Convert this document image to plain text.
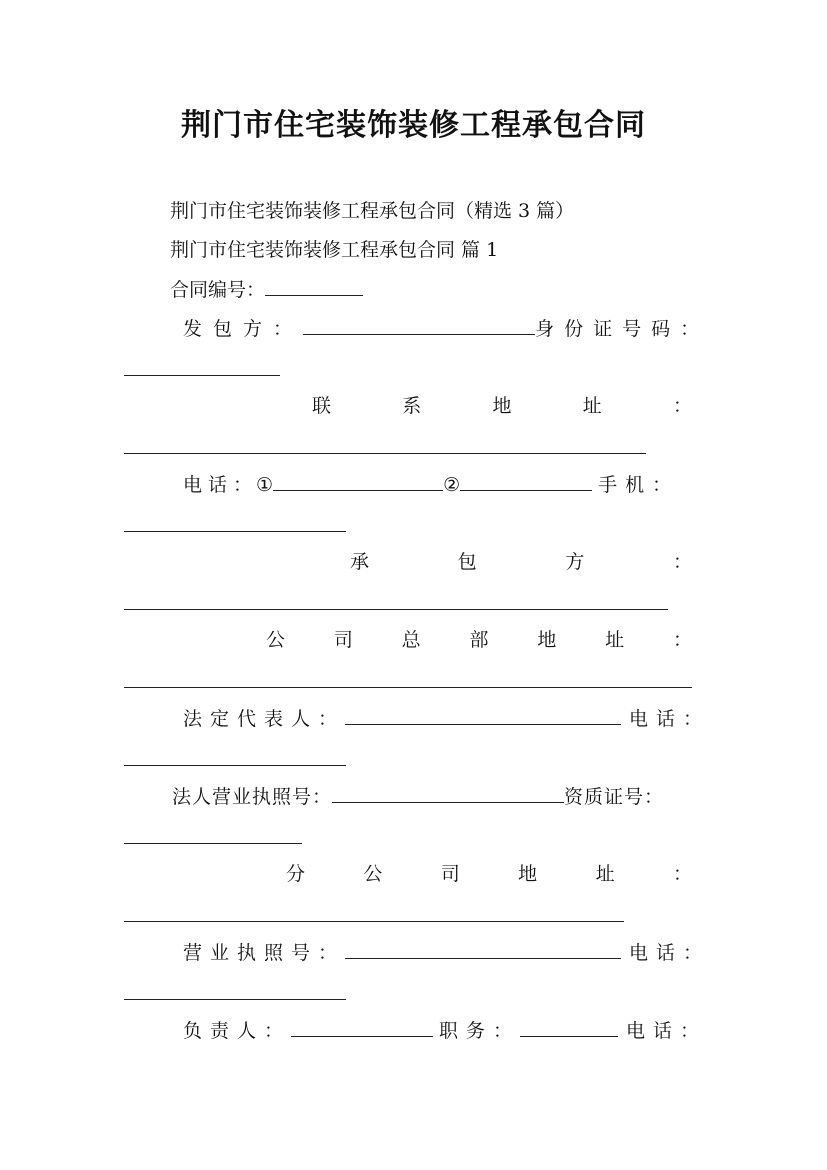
荆门市住宅装饰装修工程承包合同
荆门市住宅装饰装修工程承包合同（精选 3 篇）
荆门市住宅装饰装修工程承包合同 篇 1
合同编号：
发包方：	身份证号码：
联	系	地	址	：
电话：①	②	手机：
承	包	方	：
公	司	总	部	地	址	：
法定代表人：	电话：
法人营业执照号：	资质证号：
分	公	司	地	址	：
营业执照号：	电话：
负责人：	职务：	电话：
